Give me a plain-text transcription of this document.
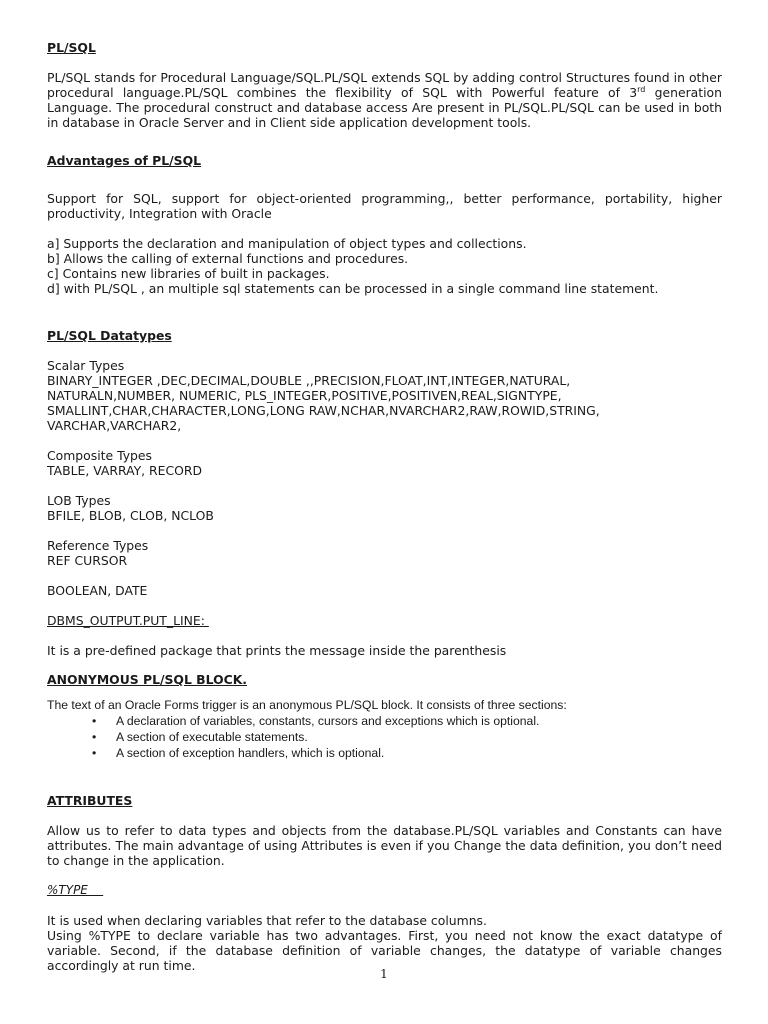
PL/SQL

PL/SQL stands for Procedural Language/SQL.PL/SQL extends SQL by adding control Structures found in other procedural language.PL/SQL combines the flexibility of SQL with Powerful feature of 3rd generation Language. The procedural construct and database access Are present in PL/SQL.PL/SQL can be used in both in database in Oracle Server and in Client side application development tools.

Advantages of PL/SQL

Support for SQL, support for object-oriented programming,, better performance, portability, higher productivity, Integration with Oracle

a] Supports the declaration and manipulation of object types and collections.

b] Allows the calling of external functions and procedures.

c] Contains new libraries of built in packages.

d] with PL/SQL , an multiple sql statements can be processed in a single command line statement.

PL/SQL Datatypes

Scalar Types

BINARY_INTEGER ,DEC,DECIMAL,DOUBLE ,,PRECISION,FLOAT,INT,INTEGER,NATURAL,

NATURALN,NUMBER, NUMERIC, PLS_INTEGER,POSITIVE,POSITIVEN,REAL,SIGNTYPE,

SMALLINT,CHAR,CHARACTER,LONG,LONG RAW,NCHAR,NVARCHAR2,RAW,ROWID,STRING,

VARCHAR,VARCHAR2,

Composite Types

TABLE, VARRAY, RECORD

LOB Types

BFILE, BLOB, CLOB, NCLOB

Reference Types

REF CURSOR

BOOLEAN, DATE

DBMS_OUTPUT.PUT_LINE:

It is a pre-defined package that prints the message inside the parenthesis

ANONYMOUS PL/SQL BLOCK.

The text of an Oracle Forms trigger is an anonymous PL/SQL block. It consists of three sections:

• A declaration of variables, constants, cursors and exceptions which is optional.
• A section of executable statements.
• A section of exception handlers, which is optional.

ATTRIBUTES

Allow us to refer to data types and objects from the database.PL/SQL variables and Constants can have attributes. The main advantage of using Attributes is even if you Change the data definition, you don’t need to change in the application.

%TYPE

It is used when declaring variables that refer to the database columns.

Using %TYPE to declare variable has two advantages. First, you need not know the exact datatype of variable. Second, if the database definition of variable changes, the datatype of variable changes accordingly at run time.

1
